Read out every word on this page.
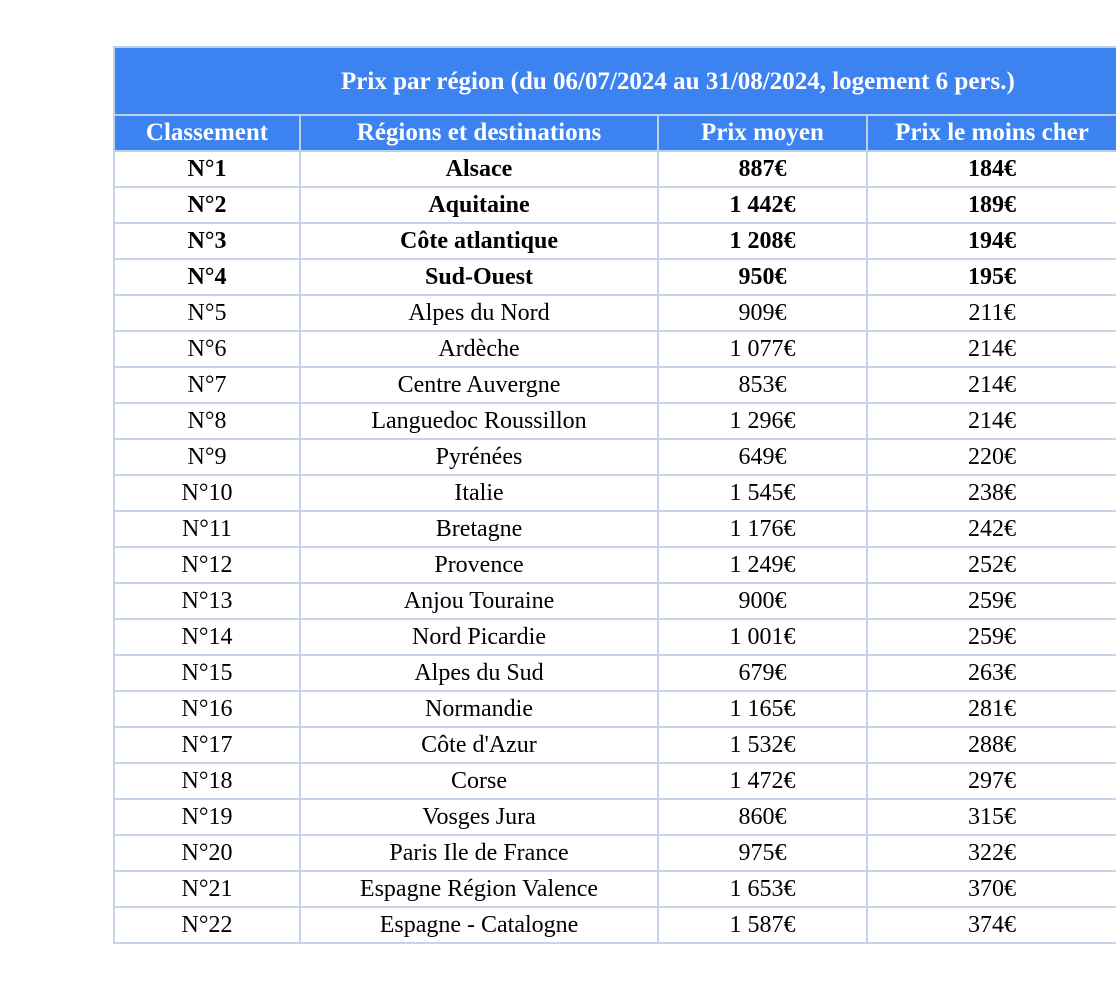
Prix par région (du 06/07/2024 au 31/08/2024, logement 6 pers.)			

Classement	Régions et destinations	Prix moyen	Prix le moins cher
N°1	Alsace	887€	184€
N°2	Aquitaine	1 442€	189€
N°3	Côte atlantique	1 208€	194€
N°4	Sud-Ouest	950€	195€
N°5	Alpes du Nord	909€	211€
N°6	Ardèche	1 077€	214€
N°7	Centre Auvergne	853€	214€
N°8	Languedoc Roussillon	1 296€	214€
N°9	Pyrénées	649€	220€
N°10	Italie	1 545€	238€
N°11	Bretagne	1 176€	242€
N°12	Provence	1 249€	252€
N°13	Anjou Touraine	900€	259€
N°14	Nord Picardie	1 001€	259€
N°15	Alpes du Sud	679€	263€
N°16	Normandie	1 165€	281€
N°17	Côte d'Azur	1 532€	288€
N°18	Corse	1 472€	297€
N°19	Vosges Jura	860€	315€
N°20	Paris Ile de France	975€	322€
N°21	Espagne Région Valence	1 653€	370€
N°22	Espagne - Catalogne	1 587€	374€
